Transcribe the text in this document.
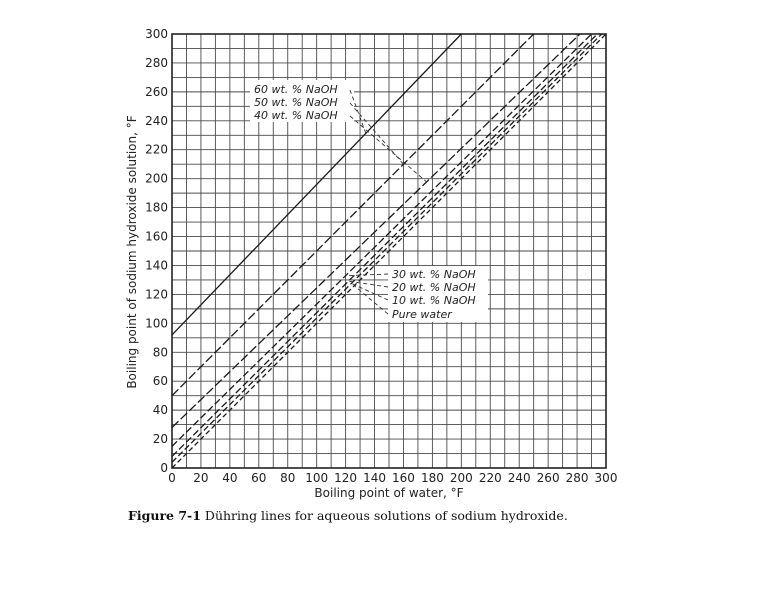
0 20 40 60 80 100 120 140 160 180 200 220 240 260 280 300
0
20
40
60
80
100
120
140
160
180
200
220
240
260
280
300
60 wt. % NaOH
50 wt. % NaOH
40 wt. % NaOH
30 wt. % NaOH
20 wt. % NaOH
10 wt. % NaOH
Pure water
Boiling point of water, °F
Boiling point of sodium hydroxide solution, °F
Figure 7-1 Dühring lines for aqueous solutions of sodium hydroxide.
